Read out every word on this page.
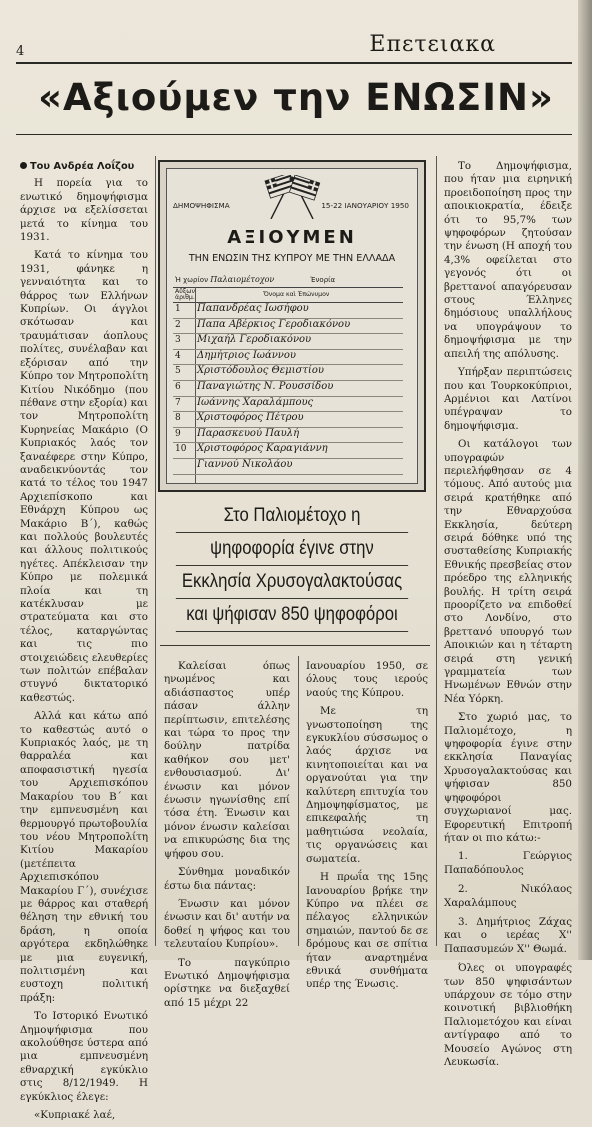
4	Επετειακα
«Αξιούμεν την ΕΝΩΣΙΝ»
Του Ανδρέα Λοΐζου

Η πορεία για το ενωτικό δημοψήφισμα άρχισε να εξελίσσεται μετά το κίνημα του 1931.

Κατά το κίνημα του 1931, φάνηκε η γενναιότητα και το θάρρος των Ελλήνων Κυπρίων. Οι άγγλοι σκότωσαν και τραυμάτισαν άοπλους πολίτες, συνέλαβαν και εξόρισαν από την Κύπρο τον Μητροπολίτη Κιτίου Νικόδημο (που πέθανε στην εξορία) και τον Μητροπολίτη Κυρηνείας Μακάριο (Ο Κυπριακός λαός τον ξαναέφερε στην Κύπρο, αναδεικνύοντάς τον κατά το τέλος του 1947 Αρχιεπίσκοπο και Εθνάρχη Κύπρου ως Μακάριο Β΄), καθώς και πολλούς βουλευτές και άλλους πολιτικούς ηγέτες. Απέκλεισαν την Κύπρο με πολεμικά πλοία και τη κατέκλυσαν με στρατεύματα και στο τέλος, καταργώντας και τις πιο στοιχειώδεις ελευθερίες των πολιτών επέβαλαν στυγνό δικτατορικό καθεστώς.

Αλλά και κάτω από το καθεστώς αυτό ο Κυπριακός λαός, με τη θαρραλέα και αποφασιστική ηγεσία του Αρχιεπισκόπου Μακαρίου του Β΄ και την εμπνευσμένη και θερμουργό πρωτοβουλία του νέου Μητροπολίτη Κιτίου Μακαρίου (μετέπειτα Αρχιεπισκόπου Μακαρίου Γ΄), συνέχισε με θάρρος και σταθερή θέληση την εθνική του δράση, η οποία αργότερα εκδηλώθηκε με μια ευγενική, πολιτισμένη και ευστοχη πολιτική πράξη:

Το Ιστορικό Ενωτικό Δημοψήφισμα που ακολούθησε ύστερα από μια εμπνευσμένη εθναρχική εγκύκλιο στις 8/12/1949. Η εγκύκλιος έλεγε:

«Κυπριακέ λαέ,

ΔΗΜΟΨΗΦΙΣΜΑ	15-22 ΙΑΝΟΥΑΡΙΟΥ 1950
ΑΞΙΟΥΜΕΝ
ΤΗΝ ΕΝΩΣΙΝ ΤΗΣ ΚΥΠΡΟΥ ΜΕ ΤΗΝ ΕΛΛΑΔΑ
Ἡ χωρίον Παλαιομέτοχον	Ἐνορία
Αὔξων ἀριθμ.	Ὄνομα καὶ Ἐπώνυμον
1	Παπανδρέας Ιωσήφου
2	Παπα Αβέρκιος Γεροδιακόνου
3	Μιχαήλ Γεροδιακόνου
4	Δημήτριος Ιωάννου
5	Χριστόδουλος Θεμιστίου
6	Παναγιώτης Ν. Ρουσσίδου
7	Ιωάννης Χαραλάμπους
8	Χριστοφόρος Πέτρου
9	Παρασκευού Παυλή
10 Χριστοφόρος Καραγιάννη
Γιαννού Νικολάου
Στο Παλιομέτοχο η
ψηφοφορία έγινε στην
Εκκλησία Χρυσογαλακτούσας
και ψήφισαν 850 ψηφοφόροι

Καλείσαι όπως ηνωμένος και αδιάσπαστος υπέρ πάσαν άλλην περίπτωσιν, επιτελέσης και τώρα το προς την δούλην πατρίδα καθήκον σου μετ' ενθουσιασμού. Δι' ένωσιν και μόνον ένωσιν ηγωνίσθης επί τόσα έτη. Ένωσιν και μόνον ένωσιν καλείσαι να επικυρώσης δια της ψήφου σου.

Σύνθημα μοναδικόν έστω δια πάντας:

Ένωσιν και μόνον ένωσιν και δι' αυτήν να δοθεί η ψήφος και του τελευταίου Κυπρίου».

Το παγκύπριο Ενωτικό Δημοψήφισμα ορίστηκε να διεξαχθεί από 15 μέχρι 22

Ιανουαρίου 1950, σε όλους τους ιερούς ναούς της Κύπρου.

Με τη γνωστοποίηση της εγκυκλίου σύσσωμος ο λαός άρχισε να κινητοποιείται και να οργανούται για την καλύτερη επιτυχία του Δημοψηφίσματος, με επικεφαλής τη μαθητιώσα νεολαία, τις οργανώσεις και σωματεία.

Η πρωΐα της 15ης Ιανουαρίου βρήκε την Κύπρο να πλέει σε πέλαγος ελληνικών σημαιών, παντού δε σε δρόμους και σε σπίτια ήταν αναρτημένα εθνικά συνθήματα υπέρ της Ένωσις.

Το Δημοψήφισμα, που ήταν μια ειρηνική προειδοποίηση προς την αποικιοκρατία, έδειξε ότι το 95,7% των ψηφοφόρων ζητούσαν την ένωση (Η αποχή του 4,3% οφείλεται στο γεγονός ότι οι βρεττανοί απαγόρευσαν στους Έλληνες δημόσιους υπαλλήλους να υπογράψουν το δημοψήφισμα με την απειλή της απόλυσης.

Υπήρξαν περιπτώσεις που και Τουρκοκύπριοι, Αρμένιοι και Λατίνοι υπέγραψαν το δημοψήφισμα.

Οι κατάλογοι των υπογραφών περιελήφθησαν σε 4 τόμους. Από αυτούς μια σειρά κρατήθηκε από την Εθναρχούσα Εκκλησία, δεύτερη σειρά δόθηκε υπό της συσταθείσης Κυπριακής Εθνικής πρεσβείας στον πρόεδρο της ελληνικής βουλής. Η τρίτη σειρά προορίζετο να επιδοθεί στο Λονδίνο, στο βρεττανό υπουργό των Αποικιών και η τέταρτη σειρά στη γενική γραμματεία των Ηνωμένων Εθνών στην Νέα Υόρκη.

Στο χωριό μας, το Παλιομέτοχο, η ψηφοφορία έγινε στην εκκλησία Παναγίας Χρυσογαλακτούσας και ψήφισαν 850 ψηφοφόροι συγχωριανοί μας. Εφορευτική Επιτροπή ήταν οι πιο κάτω:-

1. Γεώργιος Παπαδόπουλος
2. Νικόλαος Χαραλάμπους
3. Δημήτριος Ζάχας και ο ιερέας Χ'' Παπασυμεών Χ'' Θωμά.

Όλες οι υπογραφές των 850 ψηφισάντων υπάρχουν σε τόμο στην κοινοτική βιβλιοθήκη Παλιομετόχου και είναι αντίγραφο από το Μουσείο Αγώνος στη Λευκωσία.
